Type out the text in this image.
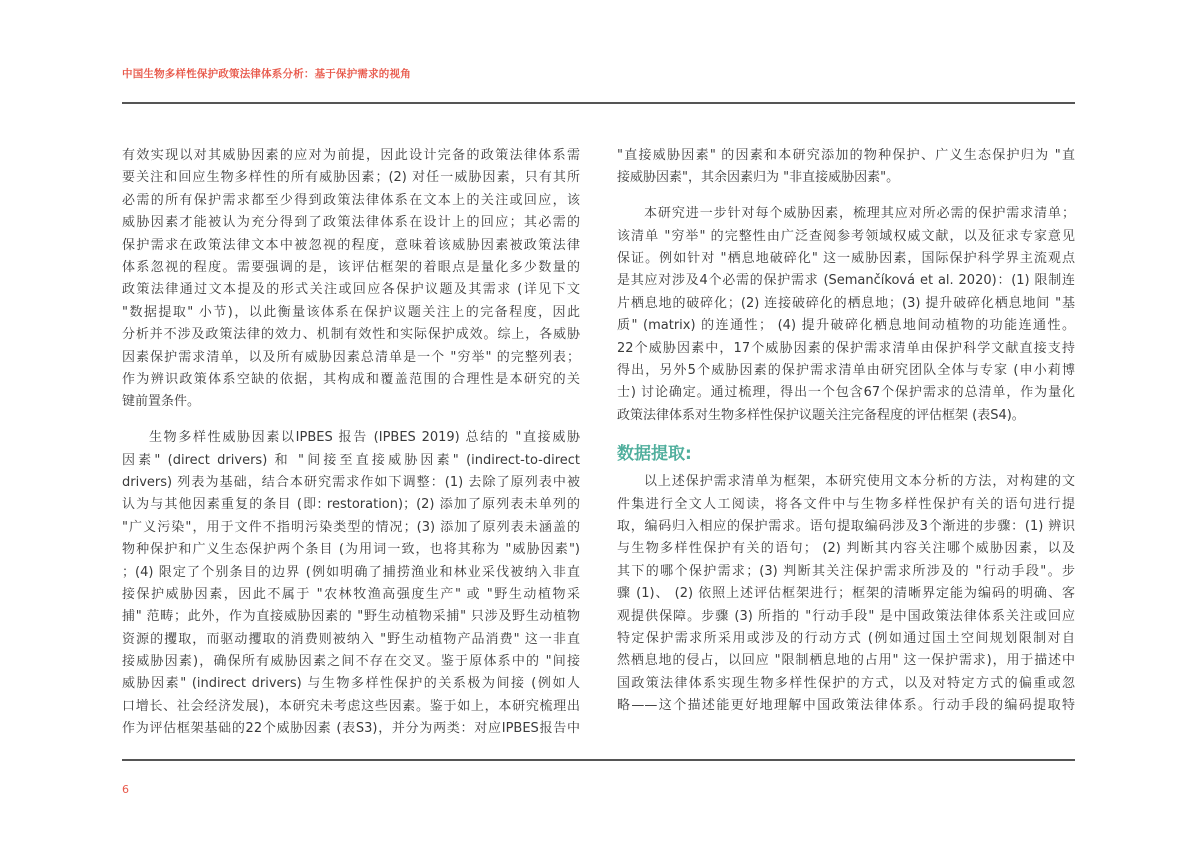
中国生物多样性保护政策法律体系分析：基于保护需求的视角
有效实现以对其威胁因素的应对为前提，因此设计完备的政策法律体系需
要关注和回应生物多样性的所有威胁因素；(2) 对任一威胁因素，只有其所
必需的所有保护需求都至少得到政策法律体系在文本上的关注或回应，该
威胁因素才能被认为充分得到了政策法律体系在设计上的回应；其必需的
保护需求在政策法律文本中被忽视的程度，意味着该威胁因素被政策法律
体系忽视的程度。需要强调的是，该评估框架的着眼点是量化多少数量的
政策法律通过文本提及的形式关注或回应各保护议题及其需求 (详见下文
"数据提取" 小节)，以此衡量该体系在保护议题关注上的完备程度，因此
分析并不涉及政策法律的效力、机制有效性和实际保护成效。综上，各威胁
因素保护需求清单，以及所有威胁因素总清单是一个 "穷举" 的完整列表；
作为辨识政策体系空缺的依据，其构成和覆盖范围的合理性是本研究的关
键前置条件。
生物多样性威胁因素以IPBES 报告 (IPBES 2019) 总结的 "直接威胁
因素" (direct drivers) 和 "间接至直接威胁因素" (indirect-to-direct
drivers) 列表为基础，结合本研究需求作如下调整：(1) 去除了原列表中被
认为与其他因素重复的条目 (即: restoration)；(2) 添加了原列表未单列的
"广义污染"，用于文件不指明污染类型的情况；(3) 添加了原列表未涵盖的
物种保护和广义生态保护两个条目 (为用词一致，也将其称为 "威胁因素")
；(4) 限定了个别条目的边界 (例如明确了捕捞渔业和林业采伐被纳入非直
接保护威胁因素，因此不属于 "农林牧渔高强度生产" 或 "野生动植物采
捕" 范畴；此外，作为直接威胁因素的 "野生动植物采捕" 只涉及野生动植物
资源的攫取，而驱动攫取的消费则被纳入 "野生动植物产品消费" 这一非直
接威胁因素)，确保所有威胁因素之间不存在交叉。鉴于原体系中的 "间接
威胁因素" (indirect drivers) 与生物多样性保护的关系极为间接 (例如人
口增长、社会经济发展)，本研究未考虑这些因素。鉴于如上，本研究梳理出
作为评估框架基础的22个威胁因素 (表S3)，并分为两类：对应IPBES报告中
"直接威胁因素" 的因素和本研究添加的物种保护、广义生态保护归为 "直
接威胁因素"，其余因素归为 "非直接威胁因素"。
本研究进一步针对每个威胁因素，梳理其应对所必需的保护需求清单；
该清单 "穷举" 的完整性由广泛查阅参考领域权威文献，以及征求专家意见
保证。例如针对 "栖息地破碎化" 这一威胁因素，国际保护科学界主流观点
是其应对涉及4个必需的保护需求 (Semančíková et al. 2020)：(1) 限制连
片栖息地的破碎化；(2) 连接破碎化的栖息地；(3) 提升破碎化栖息地间 "基
质" (matrix) 的连通性； (4) 提升破碎化栖息地间动植物的功能连通性。
22个威胁因素中，17个威胁因素的保护需求清单由保护科学文献直接支持
得出，另外5个威胁因素的保护需求清单由研究团队全体与专家 (申小莉博
士) 讨论确定。通过梳理，得出一个包含67个保护需求的总清单，作为量化
政策法律体系对生物多样性保护议题关注完备程度的评估框架 (表S4)。
数据提取:
以上述保护需求清单为框架，本研究使用文本分析的方法，对构建的文
件集进行全文人工阅读，将各文件中与生物多样性保护有关的语句进行提
取，编码归入相应的保护需求。语句提取编码涉及3个渐进的步骤：(1) 辨识
与生物多样性保护有关的语句； (2) 判断其内容关注哪个威胁因素，以及
其下的哪个保护需求；(3) 判断其关注保护需求所涉及的 "行动手段"。步
骤 (1)、 (2) 依照上述评估框架进行；框架的清晰界定能为编码的明确、客
观提供保障。步骤 (3) 所指的 "行动手段" 是中国政策法律体系关注或回应
特定保护需求所采用或涉及的行动方式 (例如通过国土空间规划限制对自
然栖息地的侵占，以回应 "限制栖息地的占用" 这一保护需求)，用于描述中
国政策法律体系实现生物多样性保护的方式，以及对特定方式的偏重或忽
略——这个描述能更好地理解中国政策法律体系。行动手段的编码提取特
6
